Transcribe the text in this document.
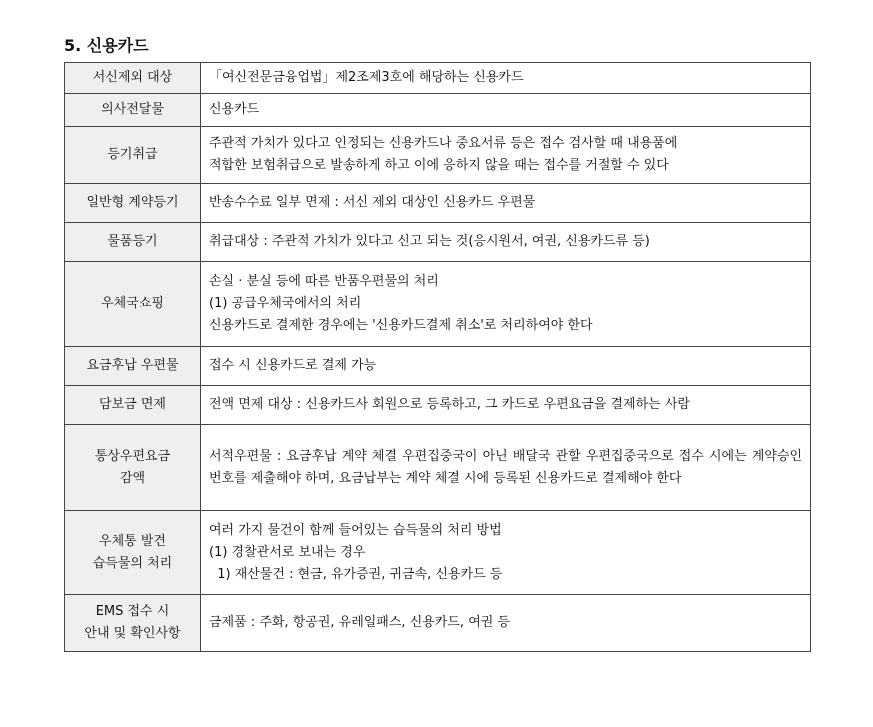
5. 신용카드
서신제외 대상	「여신전문금융업법」제2조제3호에 해당하는 신용카드

의사전달물	신용카드

등기취급	주관적 가치가 있다고 인정되는 신용카드나 중요서류 등은 접수 검사할 때 내용품에
적합한 보험취급으로 발송하게 하고 이에 응하지 않을 때는 접수를 거절할 수 있다

일반형 계약등기	반송수수료 일부 면제 : 서신 제외 대상인 신용카드 우편물

물품등기	취급대상 : 주관적 가치가 있다고 신고 되는 것(응시원서, 여권, 신용카드류 등)

우체국쇼핑	손실 · 분실 등에 따른 반품우편물의 처리
(1) 공급우체국에서의 처리
신용카드로 결제한 경우에는 '신용카드결제 취소'로 처리하여야 한다

요금후납 우편물	접수 시 신용카드로 결제 가능

담보금 면제	전액 면제 대상 : 신용카드사 회원으로 등록하고, 그 카드로 우편요금을 결제하는 사람

통상우편요금
감액	서적우편물 : 요금후납 계약 체결 우편집중국이 아닌 배달국 관할 우편집중국으로 접수 시에는 계약승인번호를 제출해야 하며, 요금납부는 계약 체결 시에 등록된 신용카드로 결제해야 한다

우체통 발견
습득물의 처리	여러 가지 물건이 함께 들어있는 습득물의 처리 방법
(1) 경찰관서로 보내는 경우
1) 재산물건 : 현금, 유가증권, 귀금속, 신용카드 등

EMS 접수 시
안내 및 확인사항	금제품 : 주화, 항공권, 유레일패스, 신용카드, 여권 등
